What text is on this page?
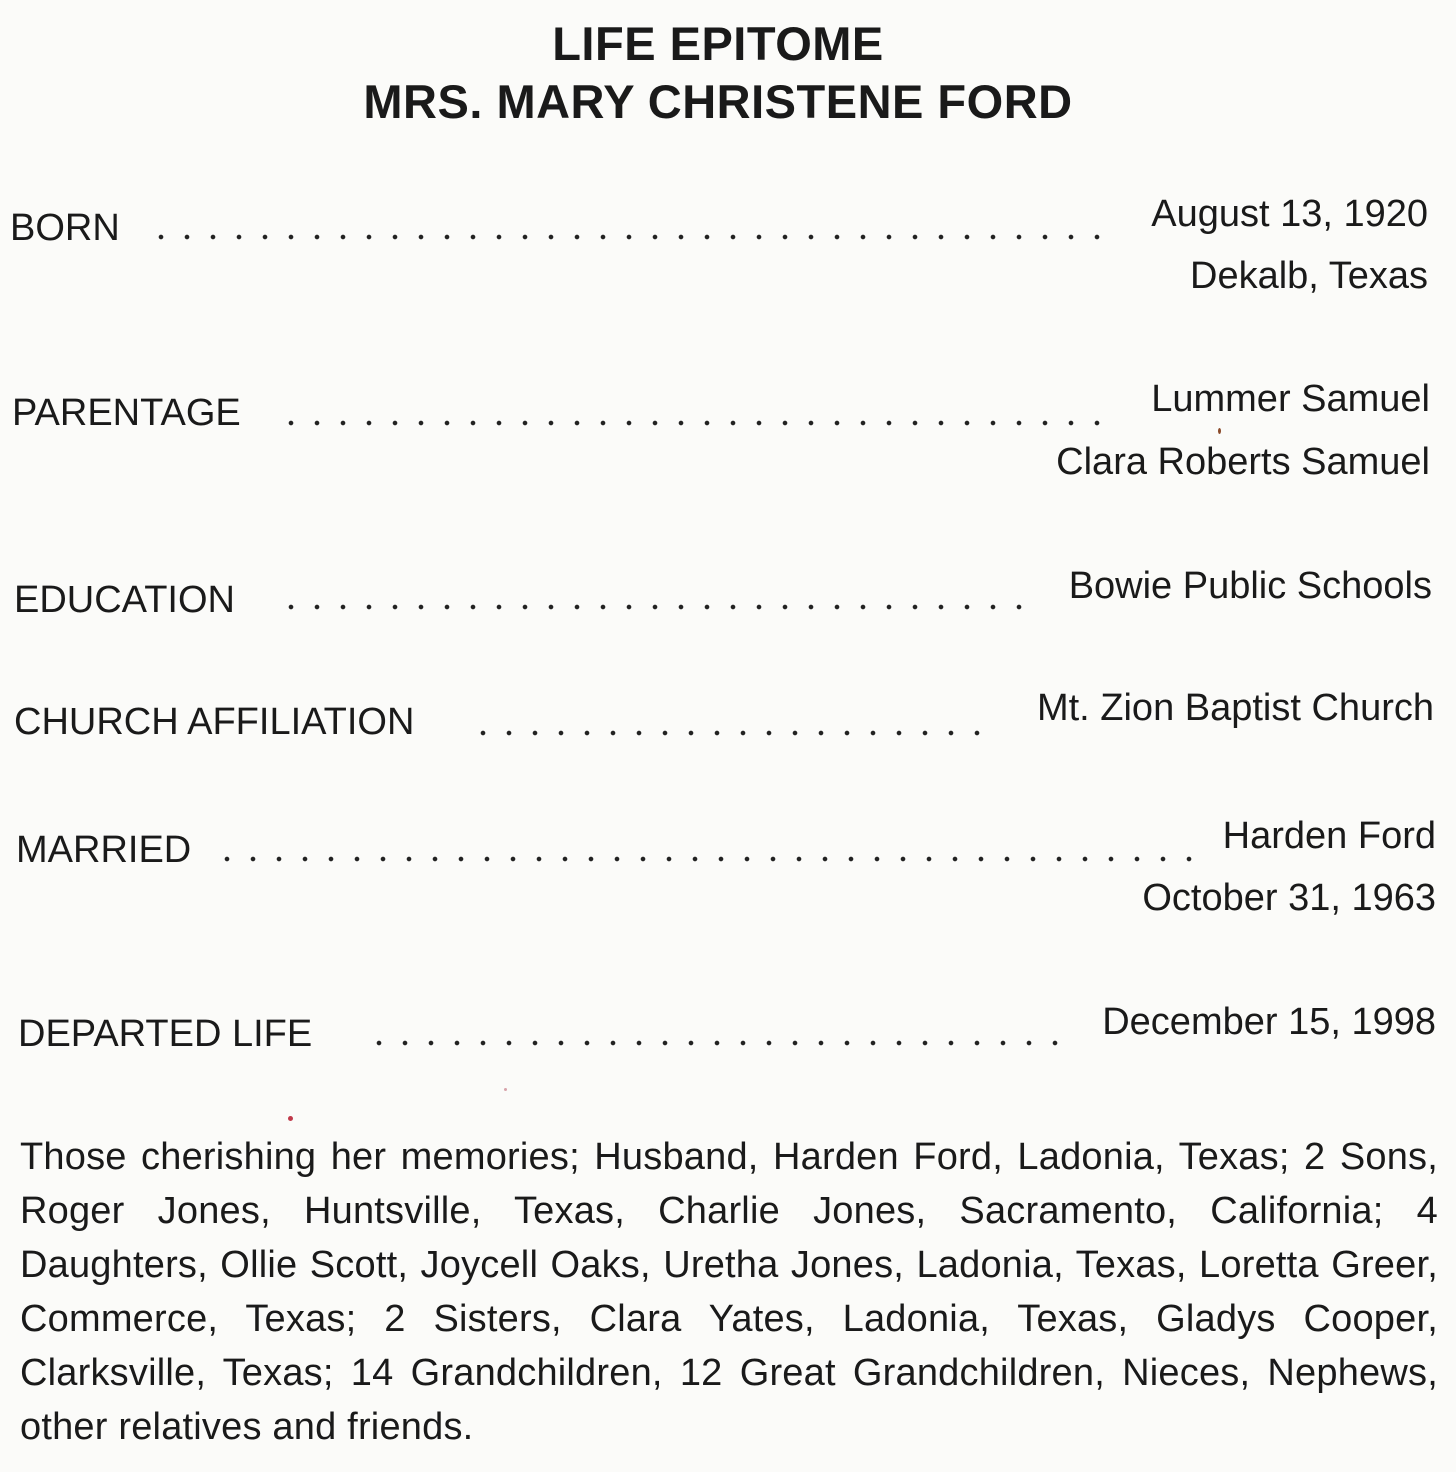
LIFE EPITOME
MRS. MARY CHRISTENE FORD
BORN	August 13, 1920
Dekalb, Texas
PARENTAGE	Lummer Samuel
Clara Roberts Samuel
EDUCATION	Bowie Public Schools
CHURCH AFFILIATION	Mt. Zion Baptist Church
MARRIED	Harden Ford
October 31, 1963
DEPARTED LIFE	December 15, 1998
Those cherishing her memories; Husband, Harden Ford, Ladonia, Texas; 2 Sons, Roger Jones, Huntsville, Texas, Charlie Jones, Sacramento, California; 4 Daughters, Ollie Scott, Joycell Oaks, Uretha Jones, Ladonia, Texas, Loretta Greer, Commerce, Texas; 2 Sisters, Clara Yates, Ladonia, Texas, Gladys Cooper, Clarksville, Texas; 14 Grandchildren, 12 Great Grandchildren, Nieces, Nephews, other relatives and friends.
